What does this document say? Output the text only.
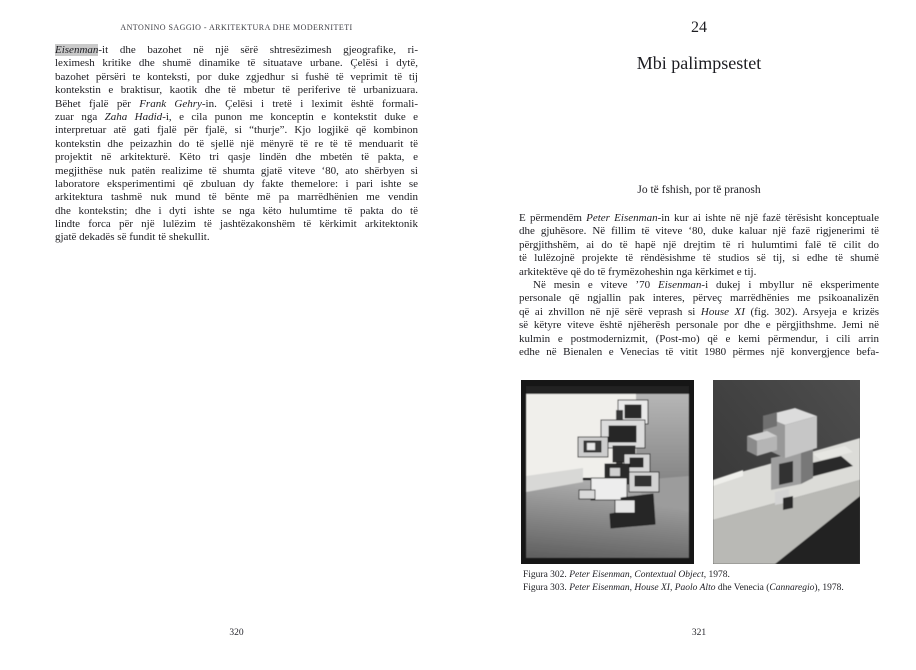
ANTONINO SAGGIO - ARKITEKTURA DHE MODERNITETI
Eisenman-it dhe bazohet në një sërë shtresëzimesh gjeografike, ri-
leximesh kritike dhe shumë dinamike të situatave urbane. Çelësi i dytë,
bazohet përsëri te konteksti, por duke zgjedhur si fushë të veprimit të tij
kontekstin e braktisur, kaotik dhe të mbetur të periferive të urbanizuara.
Bëhet fjalë për Frank Gehry-in. Çelësi i tretë i leximit është formali-
zuar nga Zaha Hadid-i, e cila punon me konceptin e kontekstit duke e
interpretuar atë gati fjalë për fjalë, si “thurje”. Kjo logjikë që kombinon
kontekstin dhe peizazhin do të sjellë një mënyrë të re të të menduarit të
projektit në arkitekturë. Këto tri qasje lindën dhe mbetën të pakta, e
megjithëse nuk patën realizime të shumta gjatë viteve ‘80, ato shërbyen si
laboratore eksperimentimi që zbuluan dy fakte themelore: i pari ishte se
arkitektura tashmë nuk mund të bënte më pa marrëdhënien me vendin
dhe kontekstin; dhe i dyti ishte se nga këto hulumtime të pakta do të
lindte forca për një lulëzim të jashtëzakonshëm të kërkimit arkitektonik
gjatë dekadës së fundit të shekullit.
320
24
Mbi palimpsestet
Jo të fshish, por të pranosh
E përmendëm Peter Eisenman-in kur ai ishte në një fazë tërësisht konceptuale
dhe gjuhësore. Në fillim të viteve ‘80, duke kaluar një fazë rigjenerimi të
përgjithshëm, ai do të hapë një drejtim të ri hulumtimi falë të cilit do
të lulëzojnë projekte të rëndësishme të studios së tij, si edhe të shumë
arkitektëve që do të frymëzoheshin nga kërkimet e tij.
Në mesin e viteve ’70 Eisenman-i dukej i mbyllur në eksperimente
personale që ngjallin pak interes, përveç marrëdhënies me psikoanalizën
që ai zhvillon në një sërë veprash si House XI (fig. 302). Arsyeja e krizës
së këtyre viteve është njëherësh personale por dhe e përgjithshme. Jemi në
kulmin e postmodernizmit, (Post-mo) që e kemi përmendur, i cili arrin
edhe në Bienalen e Venecias të vitit 1980 përmes një konvergjence befa-
Figura 302. Peter Eisenman, Contextual Object, 1978.
Figura 303. Peter Eisenman, House XI, Paolo Alto dhe Venecia (Cannaregio), 1978.
321
